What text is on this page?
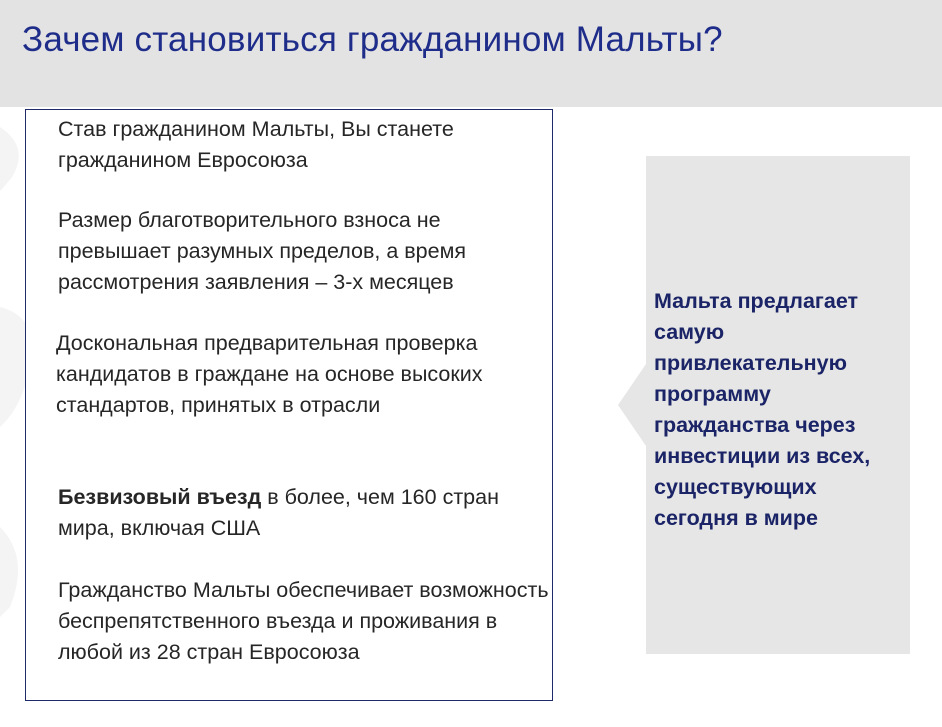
Зачем становиться гражданином Мальты?

Став гражданином Мальты, Вы станете гражданином Евросоюза

Размер благотворительного взноса не превышает разумных пределов, а время рассмотрения заявления – 3-х месяцев

Доскональная предварительная проверка кандидатов в граждане на основе высоких стандартов, принятых в отрасли

Безвизовый въезд в более, чем 160 стран мира, включая США

Гражданство Мальты обеспечивает возможность беспрепятственного въезда и проживания в любой из 28 стран Евросоюза

Мальта предлагает самую привлекательную программу гражданства через инвестиции из всех, существующих сегодня в мире
